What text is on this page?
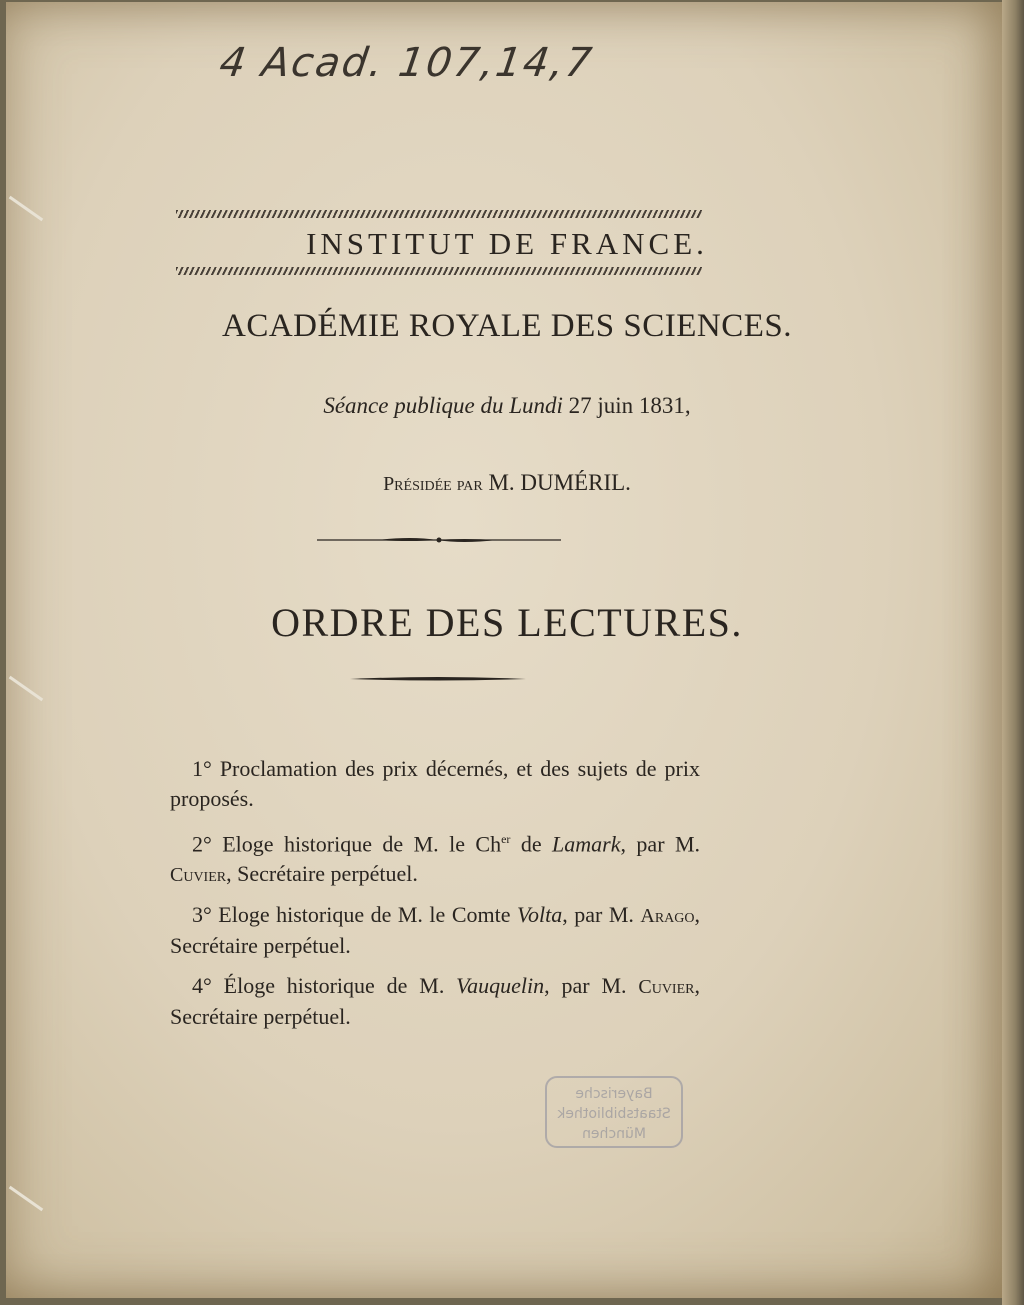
4 Acad. 107,14,7
INSTITUT DE FRANCE.
ACADÉMIE ROYALE DES SCIENCES.
Séance publique du Lundi 27 juin 1831,
Présidée par M. DUMÉRIL.
ORDRE DES LECTURES.
1° Proclamation des prix décernés, et des sujets de prix proposés.
2° Eloge historique de M. le $Ch^{er}$ de Lamark, par M. Cuvier, Secrétaire perpétuel.
3° Eloge historique de M. le Comte Volta, par M. Arago, Secrétaire perpétuel.
4° Éloge historique de M. Vauquelin, par M. Cuvier, Secrétaire perpétuel.
Bayerische
Staatsbibliothek
München
